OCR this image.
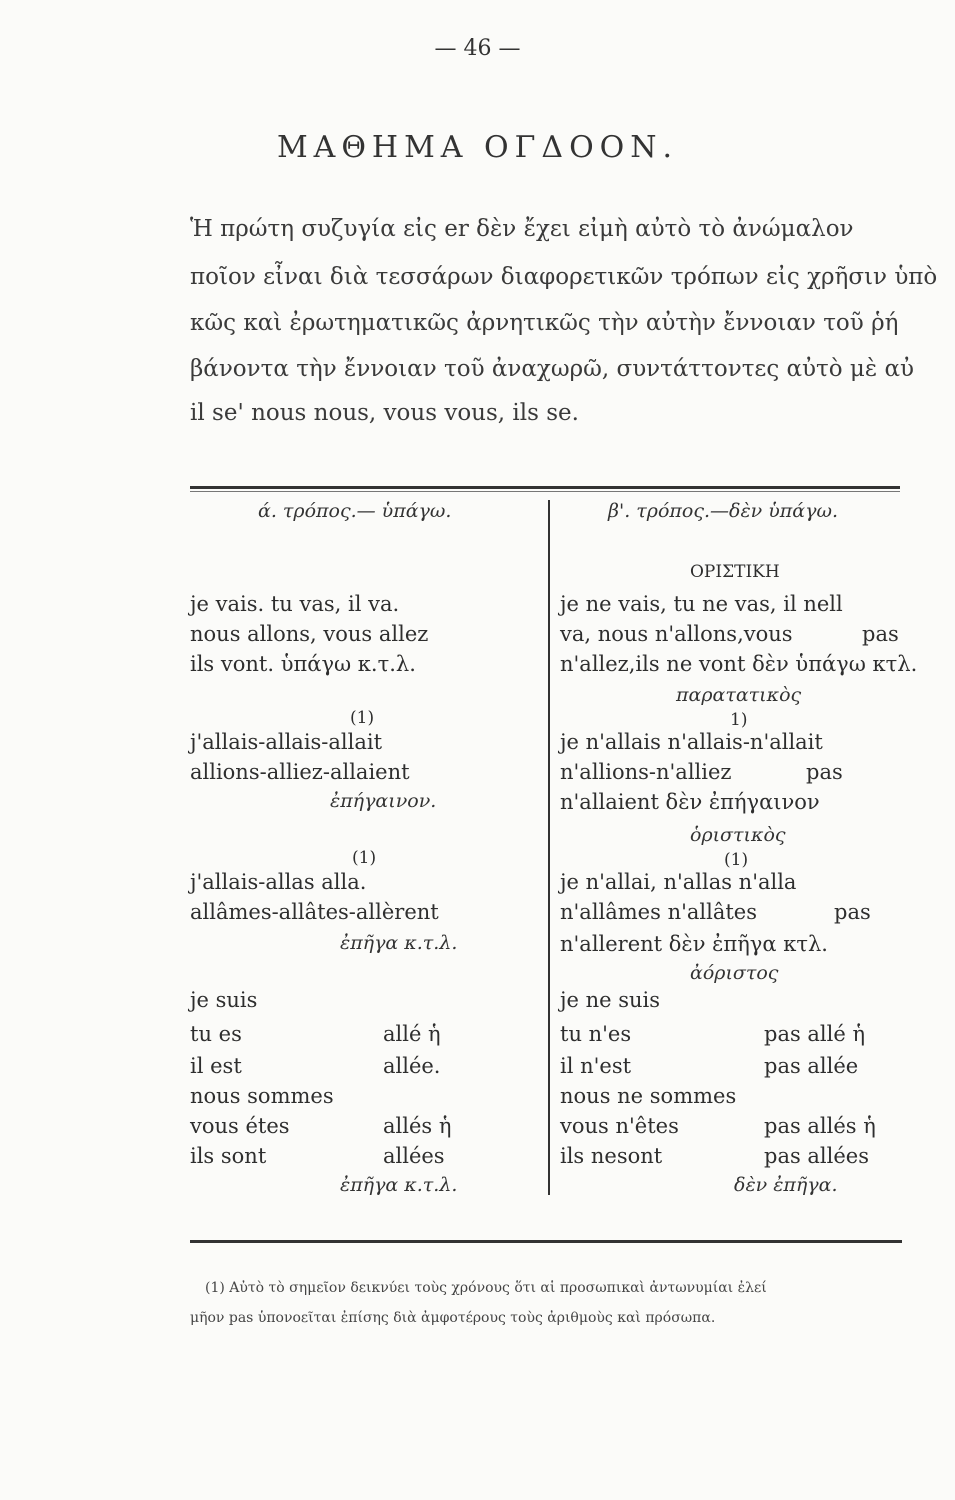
— 46 —
ΜΑΘΗΜΑ ΟΓΔΟΟΝ.
Ἡ πρώτη συζυγία εἰς er δὲν ἔχει εἰμὴ αὐτὸ τὸ ἀνώμαλον
ποῖον εἶναι διὰ τεσσάρων διαφορετικῶν τρόπων εἰς χρῆσιν ὑπὸ
κῶς καὶ ἐρωτηματικῶς ἀρνητικῶς τὴν αὐτὴν ἔννοιαν τοῦ ῥή
βάνοντα τὴν ἔννοιαν τοῦ ἀναχωρῶ, συντάττοντες αὐτὸ μὲ αὐ
il se' nous nous, vous vous, ils se.
ά. τρόπος.— ὑπάγω.
je vais. tu vas, il va.
nous allons, vous allez
ils vont. ὑπάγω κ.τ.λ.
(1)
j'allais-allais-allait
allions-alliez-allaient
ἐπήγαινον.
(1)
j'allais-allas alla.
allâmes-allâtes-allèrent
ἐπῆγα κ.τ.λ.
je suis
tu es	allé ἡ
il est	allée.
nous sommes
vous étes	allés ἡ
ils sont	allées
ἐπῆγα κ.τ.λ.
β'. τρόπος.—δὲν ὑπάγω.
ΟΡΙΣΤΙΚΗ
je ne vais, tu ne vas, il nell
va, nous n'allons,vous	pas
n'allez,ils ne vont δὲν ὑπάγω κτλ.
παρατατικὸς
1)
je n'allais n'allais-n'allait
n'allions-n'alliez	pas
n'allaient δὲν ἐπήγαινον
ὁριστικὸς
(1)
je n'allai, n'allas n'alla
n'allâmes n'allâtes	pas
n'allerent δὲν ἐπῆγα κτλ.
ἀόριστος
je ne suis
tu n'es	pas allé ἡ
il n'est	pas allée
nous ne sommes
vous n'êtes	pas allés ἡ
ils nesont	pas allées
δὲν ἐπῆγα.
(1) Αὐτὸ τὸ σημεῖον δεικνύει τοὺς χρόνους ὅτι αἱ προσωπικαὶ ἀντωνυμίαι ἐλεί
μῆον pas ὑπονοεῖται ἐπίσης διὰ ἀμφοτέρους τοὺς ἀριθμοὺς καὶ πρόσωπα.
